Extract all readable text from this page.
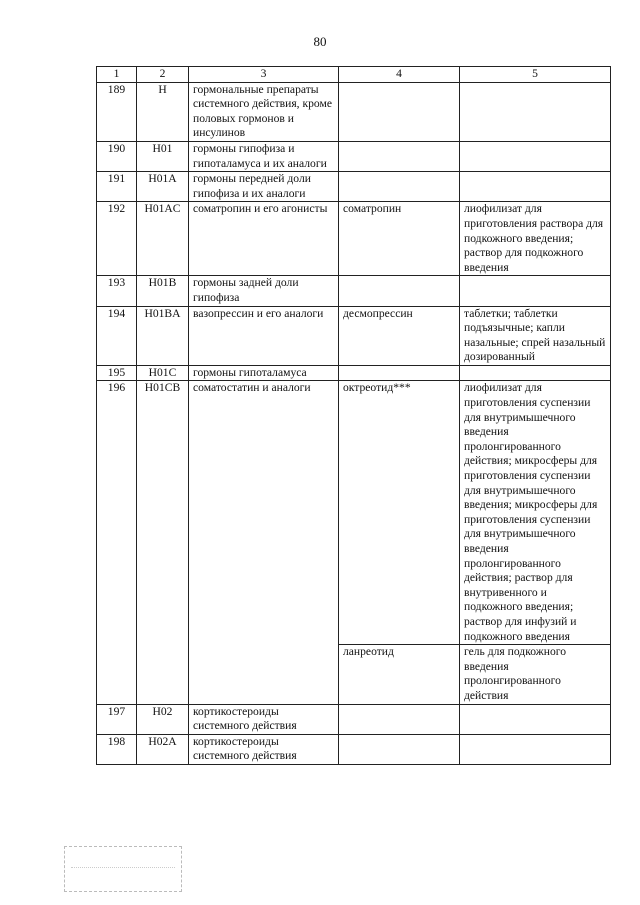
80
1	2	3	4	5
189	H	гормональные препараты системного действия, кроме половых гормонов и инсулинов		
190	H01	гормоны гипофиза и гипоталамуса и их аналоги		
191	H01A	гормоны передней доли гипофиза и их аналоги		
192	H01AC	соматропин и его агонисты	соматропин	лиофилизат для приготовления раствора для подкожного введения; раствор для подкожного введения
193	H01B	гормоны задней доли гипофиза		
194	H01BA	вазопрессин и его аналоги	десмопрессин	таблетки; таблетки подъязычные; капли назальные; спрей назальный дозированный
195	H01C	гормоны гипоталамуса		
196	H01CB	соматостатин и аналоги	октреотид***	лиофилизат для приготовления суспензии для внутримышечного введения пролонгированного действия; микросферы для приготовления суспензии для внутримышечного введения; микросферы для приготовления суспензии для внутримышечного введения пролонгированного действия; раствор для внутривенного и подкожного введения; раствор для инфузий и подкожного введения
			ланреотид	гель для подкожного введения пролонгированного действия
197	H02	кортикостероиды системного действия		
198	H02A	кортикостероиды системного действия		
